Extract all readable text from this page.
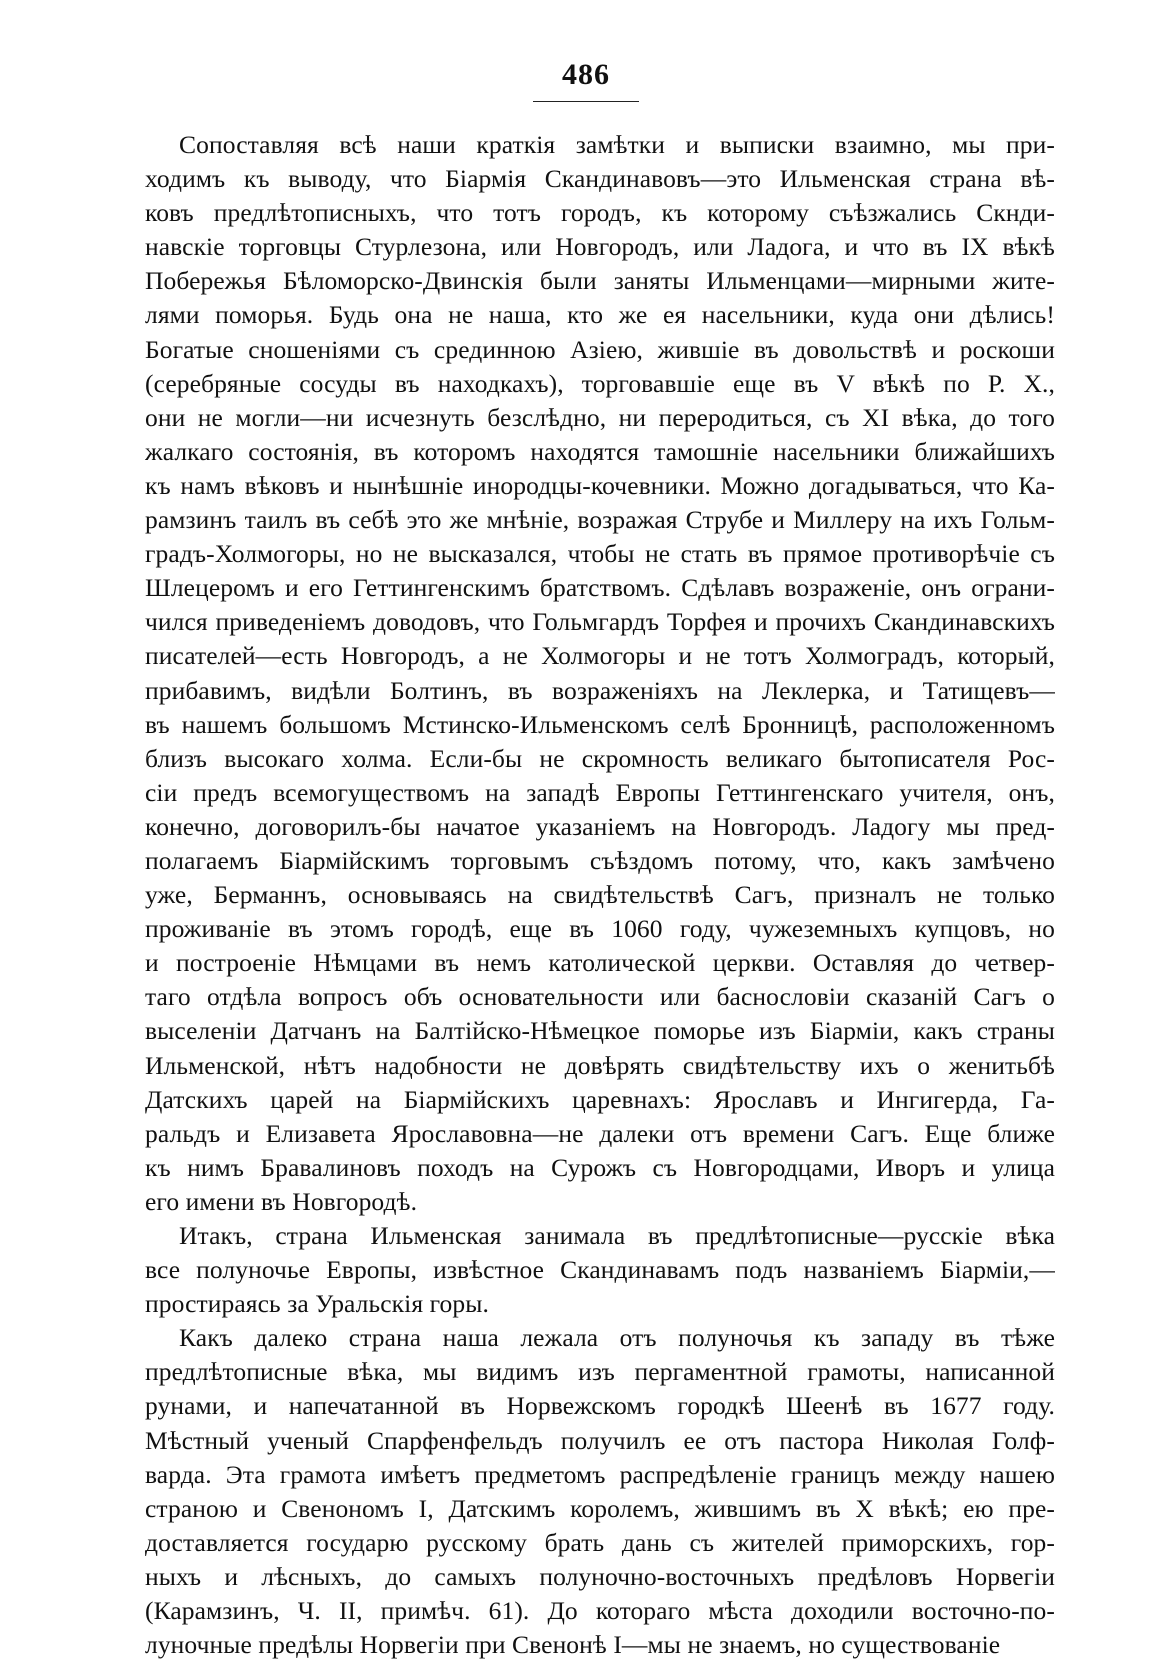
486
Сопоставляя всѣ наши краткія замѣтки и выписки взаимно, мы при-
ходимъ къ выводу, что Біармія Скандинавовъ—это Ильменская страна вѣ-
ковъ предлѣтописныхъ, что тотъ городъ, къ которому съѣзжались Скнди-
навскіе торговцы Стурлезона, или Новгородъ, или Ладога, и что въ IX вѣкѣ
Побережья Бѣломорско-Двинскія были заняты Ильменцами—мирными жите-
лями поморья. Будь она не наша, кто же ея насельники, куда они дѣлись!
Богатые сношеніями съ срединною Азіею, жившіе въ довольствѣ и роскоши
(серебряные сосуды въ находкахъ), торговавшіе еще въ V вѣкѣ по Р. Х.,
они не могли—ни исчезнуть безслѣдно, ни переродиться, съ XI вѣка, до того
жалкаго состоянія, въ которомъ находятся тамошніе насельники ближайшихъ
къ намъ вѣковъ и нынѣшніе инородцы-кочевники. Можно догадываться, что Ка-
рамзинъ таилъ въ себѣ это же мнѣніе, возражая Струбе и Миллеру на ихъ Гольм-
градъ-Холмогоры, но не высказался, чтобы не стать въ прямое противорѣчіе съ
Шлецеромъ и его Геттингенскимъ братствомъ. Сдѣлавъ возраженіе, онъ ограни-
чился приведеніемъ доводовъ, что Гольмгардъ Торфея и прочихъ Скандинавскихъ
писателей—есть Новгородъ, а не Холмогоры и не тотъ Холмоградъ, который,
прибавимъ, видѣли Болтинъ, въ возраженіяхъ на Леклерка, и Татищевъ—
въ нашемъ большомъ Мстинско-Ильменскомъ селѣ Бронницѣ, расположенномъ
близъ высокаго холма. Если-бы не скромность великаго бытописателя Рос-
сіи предъ всемогуществомъ на западѣ Европы Геттингенскаго учителя, онъ,
конечно, договорилъ-бы начатое указаніемъ на Новгородъ. Ладогу мы пред-
полагаемъ Біармійскимъ торговымъ съѣздомъ потому, что, какъ замѣчено
уже, Берманнъ, основываясь на свидѣтельствѣ Сагъ, призналъ не только
проживаніе въ этомъ городѣ, еще въ 1060 году, чужеземныхъ купцовъ, но
и построеніе Нѣмцами въ немъ католической церкви. Оставляя до четвер-
таго отдѣла вопросъ объ основательности или баснословіи сказаній Сагъ о
выселеніи Датчанъ на Балтійско-Нѣмецкое поморье изъ Біарміи, какъ страны
Ильменской, нѣтъ надобности не довѣрять свидѣтельству ихъ о женитьбѣ
Датскихъ царей на Біармійскихъ царевнахъ: Ярославъ и Ингигерда, Га-
ральдъ и Елизавета Ярославовна—не далеки отъ времени Сагъ. Еще ближе
къ нимъ Бравалиновъ походъ на Сурожъ съ Новгородцами, Иворъ и улица
его имени въ Новгородѣ.
Итакъ, страна Ильменская занимала въ предлѣтописные—русскіе вѣка
все полуночье Европы, извѣстное Скандинавамъ подъ названіемъ Біарміи,—
простираясь за Уральскія горы.
Какъ далеко страна наша лежала отъ полуночья къ западу въ тѣже
предлѣтописные вѣка, мы видимъ изъ пергаментной грамоты, написанной
рунами, и напечатанной въ Норвежскомъ городкѣ Шеенѣ въ 1677 году.
Мѣстный ученый Спарфенфельдъ получилъ ее отъ пастора Николая Голф-
варда. Эта грамота имѣетъ предметомъ распредѣленіе границъ между нашею
страною и Свенономъ I, Датскимъ королемъ, жившимъ въ X вѣкѣ; ею пре-
доставляется государю русскому брать дань съ жителей приморскихъ, гор-
ныхъ и лѣсныхъ, до самыхъ полуночно-восточныхъ предѣловъ Норвегіи
(Карамзинъ, Ч. II, примѣч. 61). До котораго мѣста доходили восточно-по-
луночные предѣлы Норвегіи при Свенонѣ I—мы не знаемъ, но существованіе
